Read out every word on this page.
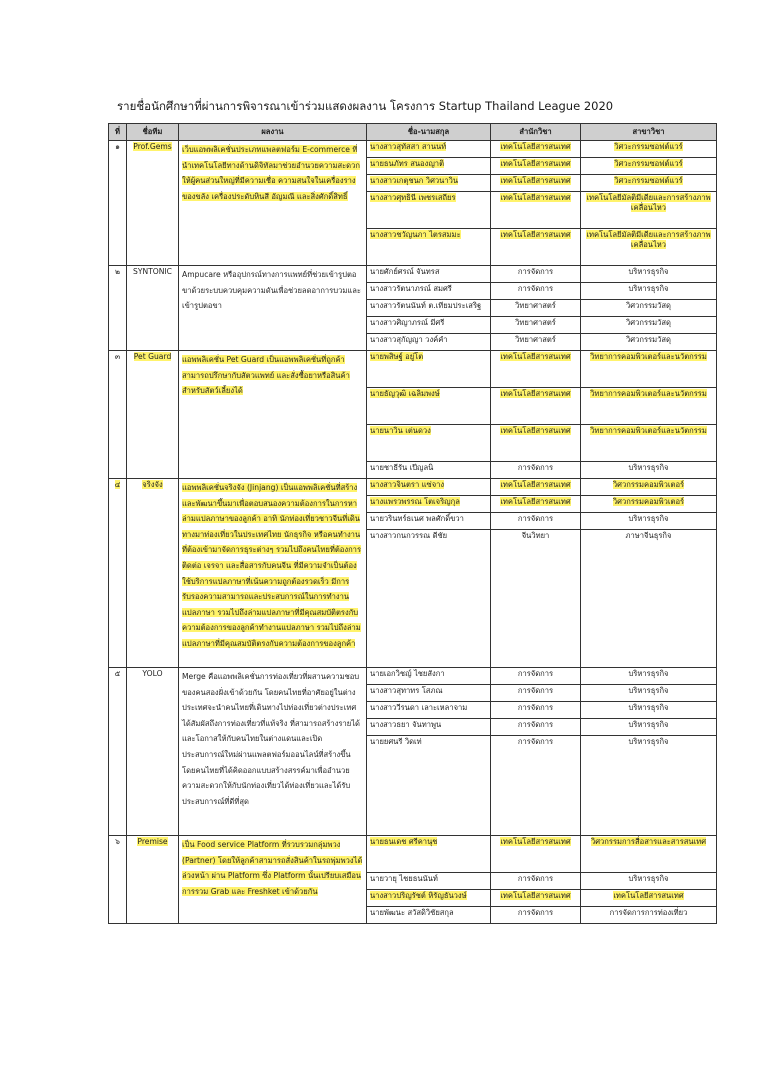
รายชื่อนักศึกษาที่ผ่านการพิจารณาเข้าร่วมแสดงผลงาน โครงการ Startup Thailand League 2020
ที่	ชื่อทีม	ผลงาน	ชื่อ-นามสกุล	สำนักวิชา	สาขาวิชา
๑	Prof.Gems	เว็บแอพพลิเคชั่นประเภทแพลตฟอร์ม E-commerce ที่นำเทคโนโลยีทางด้านดิจิทัลมาช่วยอำนวยความสะดวกให้ผู้คนส่วนใหญ่ที่มีความเชื่อ ความสนใจในเครื่องราง ของขลัง เครื่องประดับหินสี อัญมณี และสิ่งศักดิ์สิทธิ์	นางสาวสุทัสสา สานนท์	เทคโนโลยีสารสนเทศ	วิศวะกรรมซอฟต์แวร์
			นายธนภัทร สนองญาติ	เทคโนโลยีสารสนเทศ	วิศวะกรรมซอฟต์แวร์
			นางสาวเกตุชนก วิศวนาวิน	เทคโนโลยีสารสนเทศ	วิศวะกรรมซอฟต์แวร์
			นางสาวศุทธินี เพชรเสถียร	เทคโนโลยีสารสนเทศ	เทคโนโลยีมัลติมีเดียและการสร้างภาพเคลื่อนไหว
			นางสาวชวัญนภา ไตรสมมะ	เทคโนโลยีสารสนเทศ	เทคโนโลยีมัลติมีเดียและการสร้างภาพเคลื่อนไหว
๒	SYNTONIC	Ampucare หรืออุปกรณ์ทางการแพทย์ที่ช่วยเข้ารูปตอขาด้วยระบบควบคุมความดันเพื่อช่วยลดอาการบวมและเข้ารูปตอขา	นายศักย์ศรณ์ จันทรส	การจัดการ	บริหารธุรกิจ
			นางสาวรัตนาภรณ์ สมศรี	การจัดการ	บริหารธุรกิจ
			นางสาวรัตนนันท์ ต.เทียมประเสริฐ	วิทยาศาสตร์	วิศวกรรมวัสดุ
			นางสาวศิญาภรณ์ มีศรี	วิทยาศาสตร์	วิศวกรรมวัสดุ
			นางสาวสุกัญญา วงค์คำ	วิทยาศาสตร์	วิศวกรรมวัสดุ
๓	Pet Guard	แอพพลิเคชั่น Pet Guard เป็นแอพพลิเคชั่นที่ถูกค้าสามารถปรึกษากับสัตวแพทย์ และสั่งซื้อยาหรือสินค้าสำหรับสัตว์เลี้ยงได้	นายพสิษฐ์ อยู่โต	เทคโนโลยีสารสนเทศ	วิทยาการคอมพิวเตอร์และนวัตกรรม
			นายธัญวุฒิ เฉลิมพงษ์	เทคโนโลยีสารสนเทศ	วิทยาการคอมพิวเตอร์และนวัตกรรม
			นายนาวิน เต่นดวง	เทคโนโลยีสารสนเทศ	วิทยาการคอมพิวเตอร์และนวัตกรรม
			นายชาธีรัน เปีญลนิ	การจัดการ	บริหารธุรกิจ
๔	จริงจัง	แอพพลิเคชั่นจริงจัง (Jinjang) เป็นแอพพลิเคชั่นที่สร้างและพัฒนาขึ้นมาเพื่อตอบสนองความต้องการในการหาล่ามแปลภาษาของลูกค้า อาทิ นักท่องเที่ยวชาวจีนที่เดินทางมาท่องเที่ยวในประเทศไทย นักธุรกิจ หรือคนทำงานที่ต้องเข้ามาจัดการธุระต่างๆ รวมไปถึงคนไทยที่ต้องการติดต่อ เจรจา และสื่อสารกับคนจีน ที่มีความจำเป็นต้องใช้บริการแปลภาษาที่เน้นความถูกต้องรวดเร็ว มีการรับรองความสามารถและประสบการณ์ในการทำงานแปลภาษา รวมไปถึงล่ามแปลภาษาที่มีคุณสมบัติตรงกับความต้องการของลูกค้าทำงานแปลภาษา รวมไปถึงล่ามแปลภาษาที่มีคุณสมบัติตรงกับความต้องการของลูกค้า	นางสาวจินตรา แซ่จาง	เทคโนโลยีสารสนเทศ	วิศวกรรมคอมพิวเตอร์
			นางแพรวพรรณ โตเจริญกุล	เทคโนโลยีสารสนเทศ	วิศวกรรมคอมพิวเตอร์
			นายวรินทร์ธเนศ พลศักดิ์ขวา	การจัดการ	บริหารธุรกิจ
			นางสาวกนกวรรณ ดีชัย	จีนวิทยา	ภาษาจีนธุรกิจ
๕	YOLO	Merge คือแอพพลิเคชั่นการท่องเที่ยวที่ผสานความชอบของคนสองฝั่งเข้าด้วยกัน โดยคนไทยที่อาศัยอยู่ในต่างประเทศจะนำคนไทยที่เดินทางไปท่องเที่ยวต่างประเทศได้สัมผัสถึงการท่องเที่ยวที่แท้จริง ที่สามารถสร้างรายได้และโอกาสให้กับคนไทยในต่างแดนและเปิดประสบการณ์ใหม่ผ่านแพลตฟอร์มออนไลน์ที่สร้างขึ้นโดยคนไทยที่ได้คิดออกแบบสร้างสรรค์มาเพื่ออำนวยความสะดวกให้กับนักท่องเที่ยวได้ท่องเที่ยวและได้รับประสบการณ์ที่ดีที่สุด	นายเอกวิชญ์ ไชยสังกา	การจัดการ	บริหารธุรกิจ
			นางสาวสุทาทร โสภณ	การจัดการ	บริหารธุรกิจ
			นางสาววีรนดา เลาะเหลาจาม	การจัดการ	บริหารธุรกิจ
			นางสาวธยา จันทาพูน	การจัดการ	บริหารธุรกิจ
			นายยศนรี วิดเท่	การจัดการ	บริหารธุรกิจ
๖	Premise	เป็น Food service Platform ที่รวบรวมกลุ่มพวง (Partner) โดยให้ลูกค้าสามารถสั่งสินค้าในรถพุ่มพวงได้ล่วงหน้า ผ่าน Platform ซึ่ง Platform นั้นเปรียบเสมือนการรวม Grab และ Freshket เข้าด้วยกัน	นายธนเดช ศรีคานุช	เทคโนโลยีสารสนเทศ	วิศวกรรมการสื่อสารและสารสนเทศ
			นายวายุ ไชยธนนันท์	การจัดการ	บริหารธุรกิจ
			นางสาวปริญรัชต์ หิรัญธันวงษ์	เทคโนโลยีสารสนเทศ	เทคโนโลยีสารสนเทศ
			นายพัฒนะ สวัสดิวิชัยสกุล	การจัดการ	การจัดการการท่องเที่ยว
